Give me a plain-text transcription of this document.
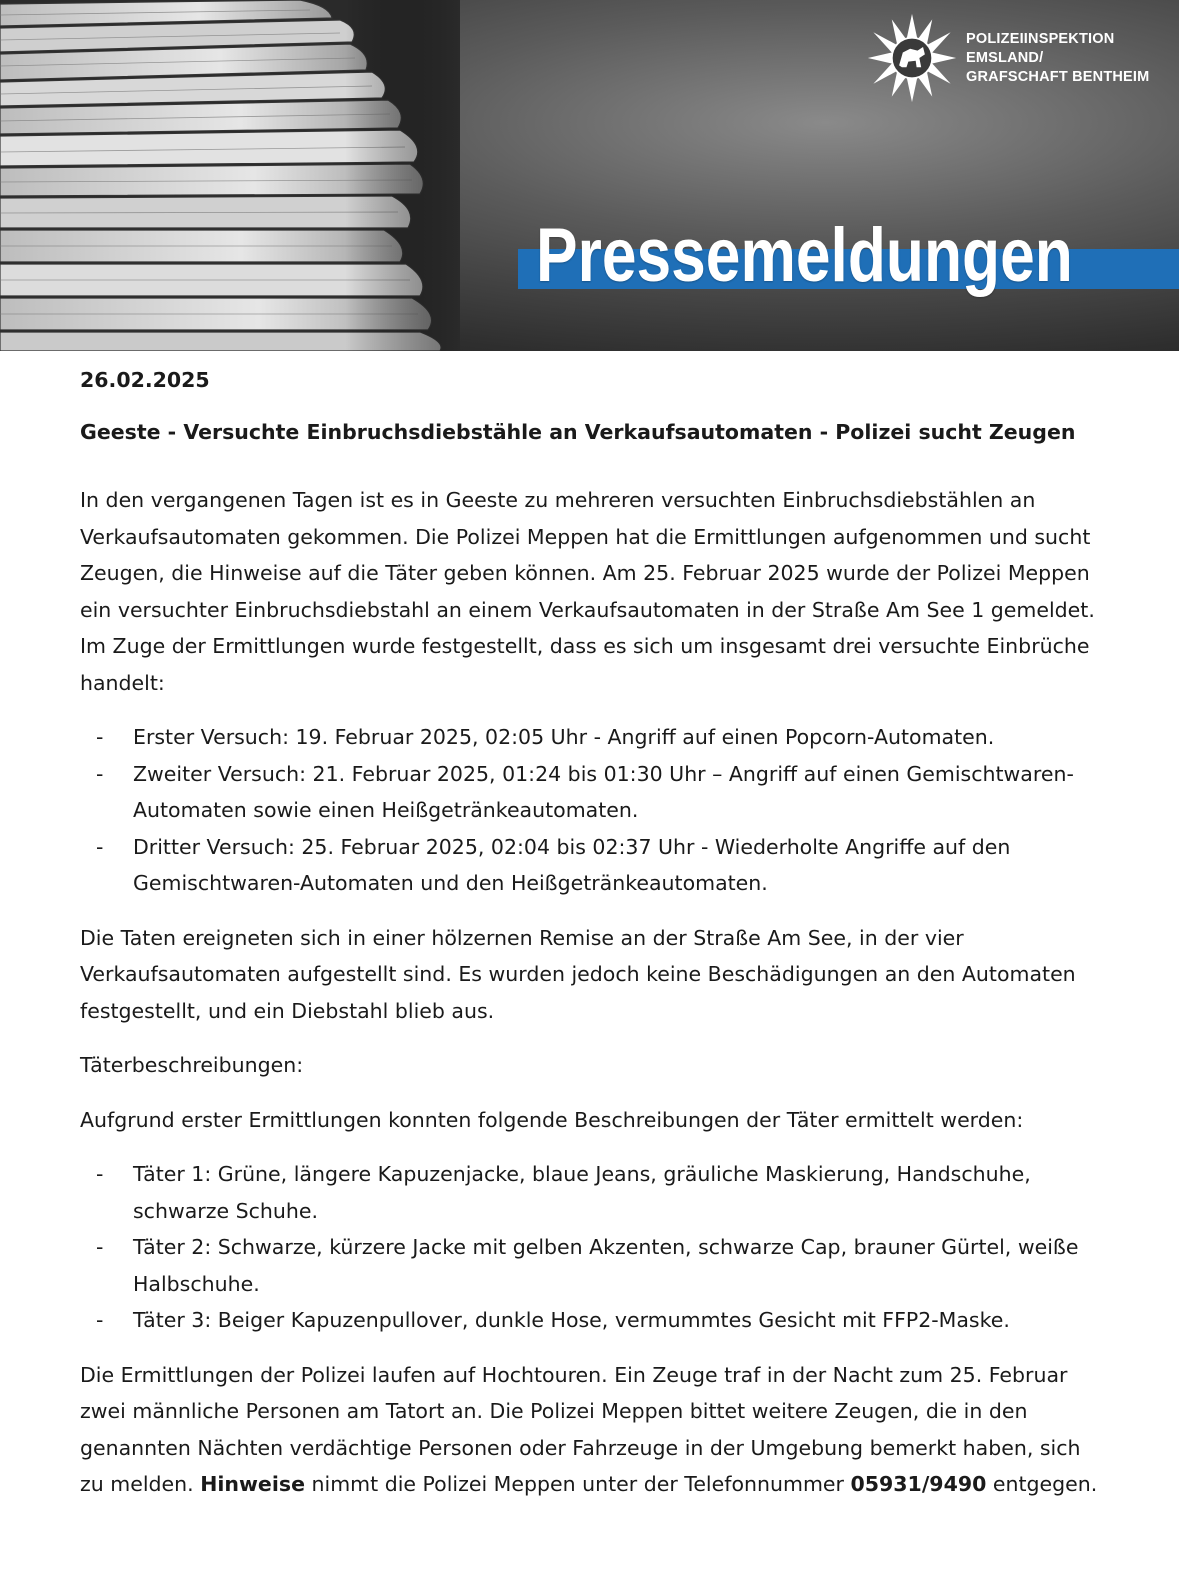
POLIZEIINSPEKTION
EMSLAND/
GRAFSCHAFT BENTHEIM
Pressemeldungen
26.02.2025
Geeste - Versuchte Einbruchsdiebstähle an Verkaufsautomaten - Polizei sucht Zeugen

In den vergangenen Tagen ist es in Geeste zu mehreren versuchten Einbruchsdiebstählen an Verkaufsautomaten gekommen. Die Polizei Meppen hat die Ermittlungen aufgenommen und sucht Zeugen, die Hinweise auf die Täter geben können. Am 25. Februar 2025 wurde der Polizei Meppen ein versuchter Einbruchsdiebstahl an einem Verkaufsautomaten in der Straße Am See 1 gemeldet. Im Zuge der Ermittlungen wurde festgestellt, dass es sich um insgesamt drei versuchte Einbrüche handelt:

- Erster Versuch: 19. Februar 2025, 02:05 Uhr - Angriff auf einen Popcorn-Automaten.
- Zweiter Versuch: 21. Februar 2025, 01:24 bis 01:30 Uhr – Angriff auf einen Gemischtwaren-Automaten sowie einen Heißgetränkeautomaten.
- Dritter Versuch: 25. Februar 2025, 02:04 bis 02:37 Uhr - Wiederholte Angriffe auf den Gemischtwaren-Automaten und den Heißgetränkeautomaten.

Die Taten ereigneten sich in einer hölzernen Remise an der Straße Am See, in der vier Verkaufsautomaten aufgestellt sind. Es wurden jedoch keine Beschädigungen an den Automaten festgestellt, und ein Diebstahl blieb aus.

Täterbeschreibungen:

Aufgrund erster Ermittlungen konnten folgende Beschreibungen der Täter ermittelt werden:

- Täter 1: Grüne, längere Kapuzenjacke, blaue Jeans, gräuliche Maskierung, Handschuhe, schwarze Schuhe.
- Täter 2: Schwarze, kürzere Jacke mit gelben Akzenten, schwarze Cap, brauner Gürtel, weiße Halbschuhe.
- Täter 3: Beiger Kapuzenpullover, dunkle Hose, vermummtes Gesicht mit FFP2-Maske.

Die Ermittlungen der Polizei laufen auf Hochtouren. Ein Zeuge traf in der Nacht zum 25. Februar zwei männliche Personen am Tatort an. Die Polizei Meppen bittet weitere Zeugen, die in den genannten Nächten verdächtige Personen oder Fahrzeuge in der Umgebung bemerkt haben, sich zu melden. Hinweise nimmt die Polizei Meppen unter der Telefonnummer 05931/9490 entgegen.
